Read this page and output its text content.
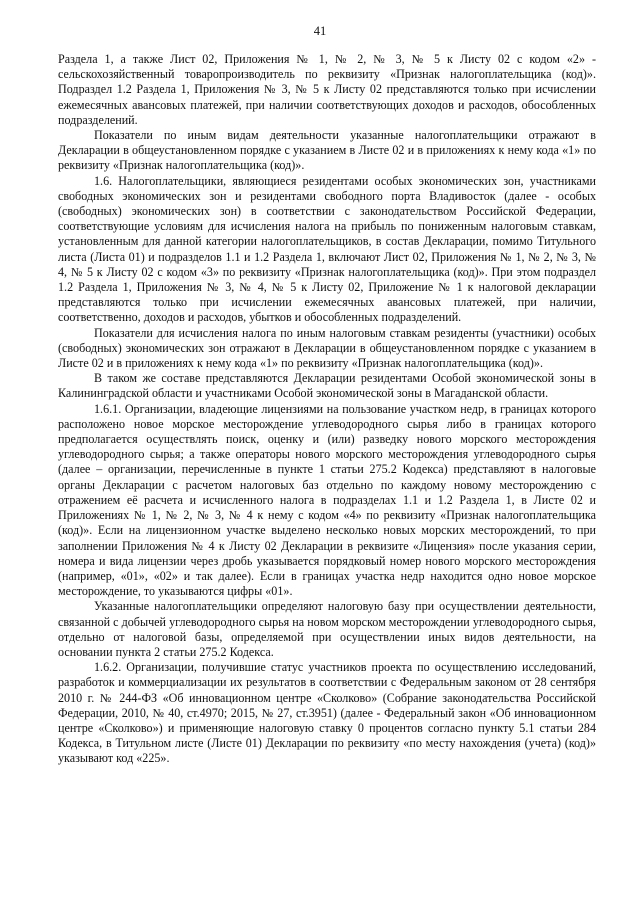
41

Раздела 1, а также Лист 02, Приложения № 1, № 2, № 3, № 5 к Листу 02 с кодом «2» - сельскохозяйственный товаропроизводитель по реквизиту «Признак налогоплательщика (код)». Подраздел 1.2 Раздела 1, Приложения № 3, № 5 к Листу 02 представляются только при исчислении ежемесячных авансовых платежей, при наличии соответствующих доходов и расходов, обособленных подразделений.

Показатели по иным видам деятельности указанные налогоплательщики отражают в Декларации в общеустановленном порядке с указанием в Листе 02 и в приложениях к нему кода «1» по реквизиту «Признак налогоплательщика (код)».

1.6. Налогоплательщики, являющиеся резидентами особых экономических зон, участниками свободных экономических зон и резидентами свободного порта Владивосток (далее - особых (свободных) экономических зон) в соответствии с законодательством Российской Федерации, соответствующие условиям для исчисления налога на прибыль по пониженным налоговым ставкам, установленным для данной категории налогоплательщиков, в состав Декларации, помимо Титульного листа (Листа 01) и подразделов 1.1 и 1.2 Раздела 1, включают Лист 02, Приложения № 1, № 2, № 3, № 4, № 5 к Листу 02 с кодом «3» по реквизиту «Признак налогоплательщика (код)». При этом подраздел 1.2 Раздела 1, Приложения № 3, № 4, № 5 к Листу 02, Приложение № 1 к налоговой декларации представляются только при исчислении ежемесячных авансовых платежей, при наличии, соответственно, доходов и расходов, убытков и обособленных подразделений.

Показатели для исчисления налога по иным налоговым ставкам резиденты (участники) особых (свободных) экономических зон отражают в Декларации в общеустановленном порядке с указанием в Листе 02 и в приложениях к нему кода «1» по реквизиту «Признак налогоплательщика (код)».

В таком же составе представляются Декларации резидентами Особой экономической зоны в Калининградской области и участниками Особой экономической зоны в Магаданской области.

1.6.1. Организации, владеющие лицензиями на пользование участком недр, в границах которого расположено новое морское месторождение углеводородного сырья либо в границах которого предполагается осуществлять поиск, оценку и (или) разведку нового морского месторождения углеводородного сырья; а также операторы нового морского месторождения углеводородного сырья (далее – организации, перечисленные в пункте 1 статьи 275.2 Кодекса) представляют в налоговые органы Декларации с расчетом налоговых баз отдельно по каждому новому месторождению с отражением её расчета и исчисленного налога в подразделах 1.1 и 1.2 Раздела 1, в Листе 02 и Приложениях № 1, № 2, № 3, № 4 к нему с кодом «4» по реквизиту «Признак налогоплательщика (код)». Если на лицензионном участке выделено несколько новых морских месторождений, то при заполнении Приложения № 4 к Листу 02 Декларации в реквизите «Лицензия» после указания серии, номера и вида лицензии через дробь указывается порядковый номер нового морского месторождения (например, «01», «02» и так далее). Если в границах участка недр находится одно новое морское месторождение, то указываются цифры «01».

Указанные налогоплательщики определяют налоговую базу при осуществлении деятельности, связанной с добычей углеводородного сырья на новом морском месторождении углеводородного сырья, отдельно от налоговой базы, определяемой при осуществлении иных видов деятельности, на основании пункта 2 статьи 275.2 Кодекса.

1.6.2. Организации, получившие статус участников проекта по осуществлению исследований, разработок и коммерциализации их результатов в соответствии с Федеральным законом от 28 сентября 2010 г. № 244-ФЗ «Об инновационном центре «Сколково» (Собрание законодательства Российской Федерации, 2010, № 40, ст.4970; 2015, № 27, ст.3951) (далее - Федеральный закон «Об инновационном центре «Сколково») и применяющие налоговую ставку 0 процентов согласно пункту 5.1 статьи 284 Кодекса, в Титульном листе (Листе 01) Декларации по реквизиту «по месту нахождения (учета) (код)» указывают код «225».
